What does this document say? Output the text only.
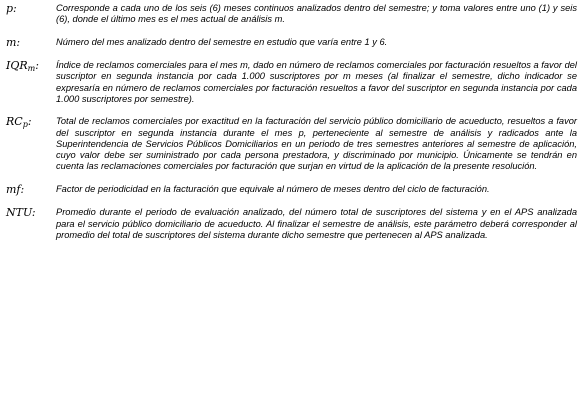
p:	Corresponde a cada uno de los seis (6) meses continuos analizados dentro del semestre; y toma valores entre uno (1) y seis (6), donde el último mes es el mes actual de análisis m.
m:	Número del mes analizado dentro del semestre en estudio que varía entre 1 y 6.
$IQR_m$:	Índice de reclamos comerciales para el mes m, dado en número de reclamos comerciales por facturación resueltos a favor del suscriptor en segunda instancia por cada 1.000 suscriptores por m meses (al finalizar el semestre, dicho indicador se expresaría en número de reclamos comerciales por facturación resueltos a favor del suscriptor en segunda instancia por cada 1.000 suscriptores por semestre).
$RC_p$:	Total de reclamos comerciales por exactitud en la facturación del servicio público domiciliario de acueducto, resueltos a favor del suscriptor en segunda instancia durante el mes p, perteneciente al semestre de análisis y radicados ante la Superintendencia de Servicios Públicos Domiciliarios en un periodo de tres semestres anteriores al semestre de aplicación, cuyo valor debe ser suministrado por cada persona prestadora, y discriminado por municipio. Únicamente se tendrán en cuenta las reclamaciones comerciales por facturación que surjan en virtud de la aplicación de la presente resolución.
mf:	Factor de periodicidad en la facturación que equivale al número de meses dentro del ciclo de facturación.
NTU:	Promedio durante el periodo de evaluación analizado, del número total de suscriptores del sistema y en el APS analizada para el servicio público domiciliario de acueducto. Al finalizar el semestre de análisis, este parámetro deberá corresponder al promedio del total de suscriptores del sistema durante dicho semestre que pertenecen al APS analizada.
